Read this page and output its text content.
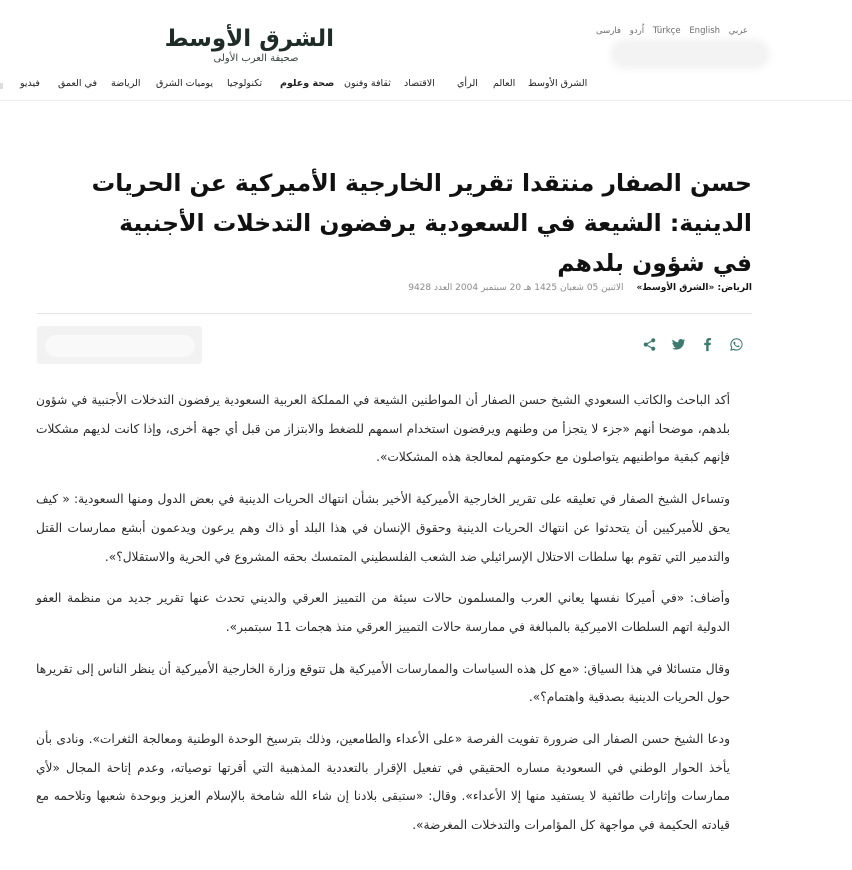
الشرق الأوسط
صحيفة العرب الأولى
عربي
English
Türkçe
اُردو
فارسی
الشرق الأوسط
العالم
الرأي
الاقتصاد
ثقافة وفنون
صحة وعلوم
تكنولوجيا
يوميات الشرق
الرياضة
في العمق
فيديو
حسن الصفار منتقدا تقرير الخارجية الأميركية عن الحريات الدينية: الشيعة في السعودية يرفضون التدخلات الأجنبية في شؤون بلدهم
الرياض: «الشرق الأوسط» الاثنين 05 شعبان 1425 هـ 20 سبتمبر 2004 العدد 9428

أكد الباحث والكاتب السعودي الشيخ حسن الصفار أن المواطنين الشيعة في المملكة العربية السعودية يرفضون التدخلات الأجنبية في شؤون بلدهم، موضحا أنهم «جزء لا يتجزأ من وطنهم ويرفضون استخدام اسمهم للضغط والابتزاز من قبل أي جهة أخرى، وإذا كانت لديهم مشكلات فإنهم كبقية مواطنيهم يتواصلون مع حكومتهم لمعالجة هذه المشكلات».

وتساءل الشيخ الصفار في تعليقه على تقرير الخارجية الأميركية الأخير بشأن انتهاك الحريات الدينية في بعض الدول ومنها السعودية: « كيف يحق للأميركيين أن يتحدثوا عن انتهاك الحريات الدينية وحقوق الإنسان في هذا البلد أو ذاك وهم يرعون ويدعمون أبشع ممارسات القتل والتدمير التي تقوم بها سلطات الاحتلال الإسرائيلي ضد الشعب الفلسطيني المتمسك بحقه المشروع في الحرية والاستقلال؟».

وأضاف: «في أميركا نفسها يعاني العرب والمسلمون حالات سيئة من التمييز العرقي والديني تحدث عنها تقرير جديد من منظمة العفو الدولية اتهم السلطات الاميركية بالمبالغة في ممارسة حالات التمييز العرقي منذ هجمات 11 سبتمبر».

وقال متسائلا في هذا السياق: «مع كل هذه السياسات والممارسات الأميركية هل تتوقع وزارة الخارجية الأميركية أن ينظر الناس إلى تقريرها حول الحريات الدينية بصدقية واهتمام؟».

ودعا الشيخ حسن الصفار الى ضرورة تفويت الفرصة «على الأعداء والطامعين، وذلك بترسيخ الوحدة الوطنية ومعالجة الثغرات». ونادى بأن يأخذ الحوار الوطني في السعودية مساره الحقيقي في تفعيل الإقرار بالتعددية المذهبية التي أقرتها توصياته، وعدم إتاحة المجال «لأي ممارسات وإثارات طائفية لا يستفيد منها إلا الأعداء». وقال: «ستبقى بلادنا إن شاء الله شامخة بالإسلام العزيز وبوحدة شعبها وتلاحمه مع قيادته الحكيمة في مواجهة كل المؤامرات والتدخلات المغرضة».
